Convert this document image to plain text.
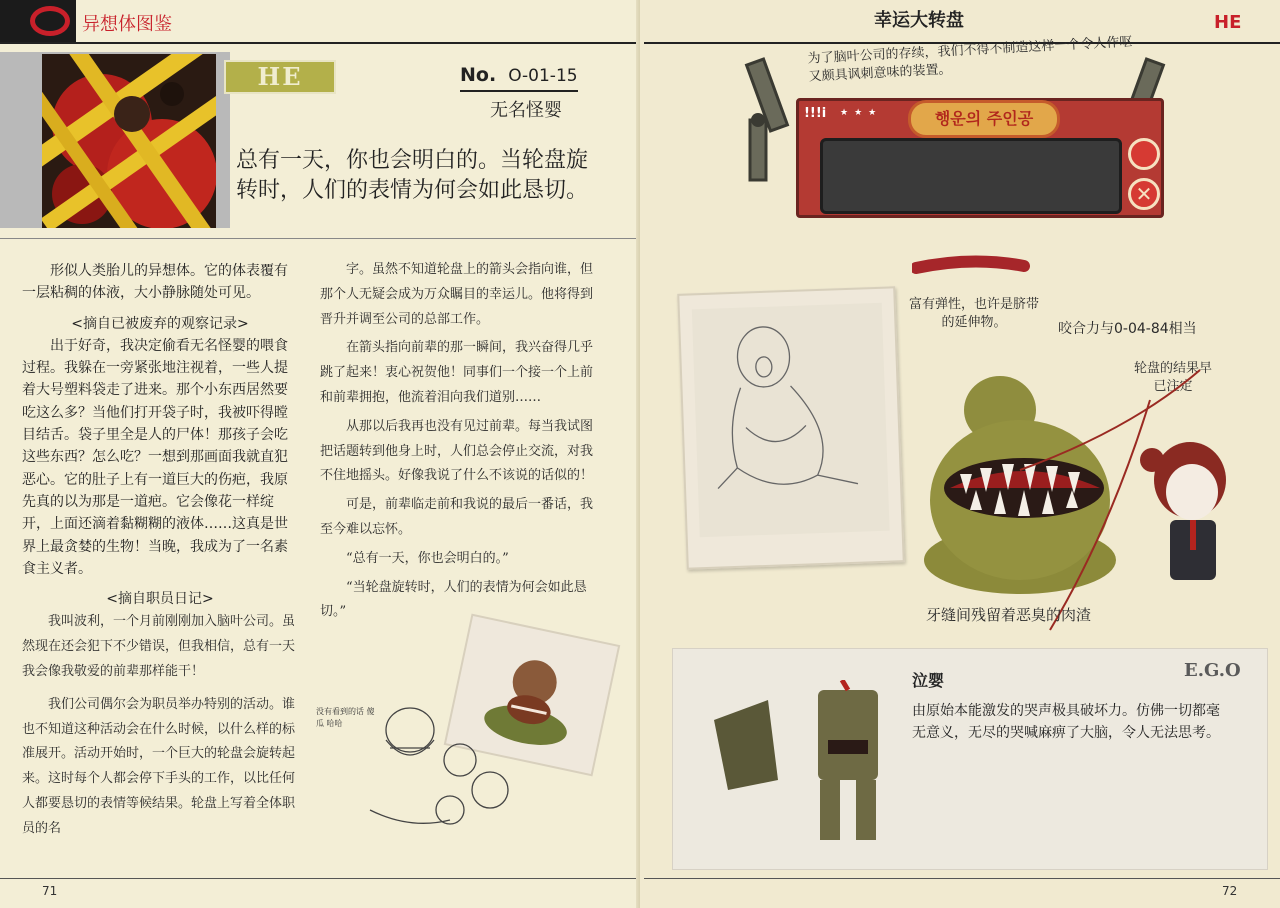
异想体图鉴
HE	No. O-01-15
无名怪婴
总有一天，你也会明白的。当轮盘旋转时，人们的表情为何会如此恳切。

形似人类胎儿的异想体。它的体表覆有一层粘稠的体液，大小静脉随处可见。

<摘自已被废弃的观察记录>

出于好奇，我决定偷看无名怪婴的喂食过程。我躲在一旁紧张地注视着，一些人提着大号塑料袋走了进来。那个小东西居然要吃这么多？当他们打开袋子时，我被吓得瞠目结舌。袋子里全是人的尸体！那孩子会吃这些东西？怎么吃？一想到那画面我就直犯恶心。它的肚子上有一道巨大的伤疤，我原先真的以为那是一道疤。它会像花一样绽开，上面还滴着黏糊糊的液体……这真是世界上最贪婪的生物！当晚，我成为了一名素食主义者。

<摘自职员日记>

我叫波利，一个月前刚刚加入脑叶公司。虽然现在还会犯下不少错误，但我相信，总有一天我会像我敬爱的前辈那样能干！

我们公司偶尔会为职员举办特别的活动。谁也不知道这种活动会在什么时候，以什么样的标准展开。活动开始时，一个巨大的轮盘会旋转起来。这时每个人都会停下手头的工作，以比任何人都要恳切的表情等候结果。轮盘上写着全体职员的名

字。虽然不知道轮盘上的箭头会指向谁，但那个人无疑会成为万众瞩目的幸运儿。他将得到晋升并调至公司的总部工作。

在箭头指向前辈的那一瞬间，我兴奋得几乎跳了起来！衷心祝贺他！同事们一个接一个上前和前辈拥抱，他流着泪向我们道别……

从那以后我再也没有见过前辈。每当我试图把话题转到他身上时，人们总会停止交流，对我不住地摇头。好像我说了什么不该说的话似的！

可是，前辈临走前和我说的最后一番话，我至今难以忘怀。

“总有一天，你也会明白的。”

“当轮盘旋转时，人们的表情为何会如此恳切。”

没有看到的话 傻瓜 哈哈
71
幸运大转盘	HE
为了脑叶公司的存续，我们不得不制造这样一个令人作呕又颇具讽刺意味的装置。
!!!i ★★★	행운의 주인공
✕
富有弹性，也许是脐带的延伸物。	咬合力与0-04-84相当
轮盘的结果早已注定
牙缝间残留着恶臭的肉渣
E.G.O
泣婴
由原始本能激发的哭声极具破坏力。仿佛一切都毫无意义，无尽的哭喊麻痹了大脑，令人无法思考。
72
